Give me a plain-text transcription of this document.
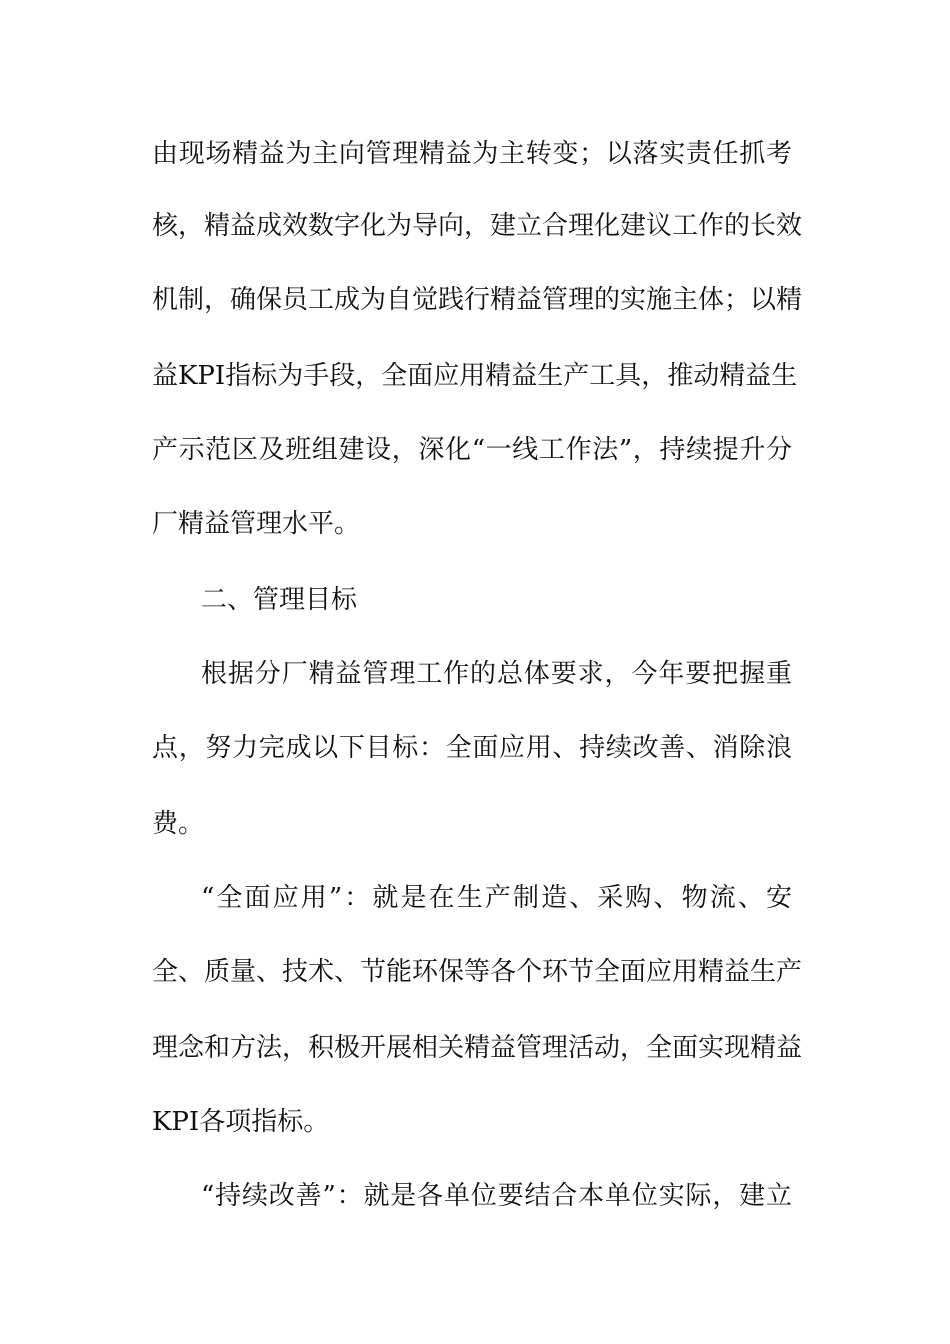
由现场精益为主向管理精益为主转变；以落实责任抓考
核，精益成效数字化为导向，建立合理化建议工作的长效
机制，确保员工成为自觉践行精益管理的实施主体；以精
益KPI指标为手段，全面应用精益生产工具，推动精益生
产示范区及班组建设，深化“一线工作法”，持续提升分
厂精益管理水平。
二、管理目标
根据分厂精益管理工作的总体要求，今年要把握重
点，努力完成以下目标：全面应用、持续改善、消除浪
费。
“全面应用”：就是在生产制造、采购、物流、安
全、质量、技术、节能环保等各个环节全面应用精益生产
理念和方法，积极开展相关精益管理活动，全面实现精益
KPI各项指标。
“持续改善”：就是各单位要结合本单位实际，建立
